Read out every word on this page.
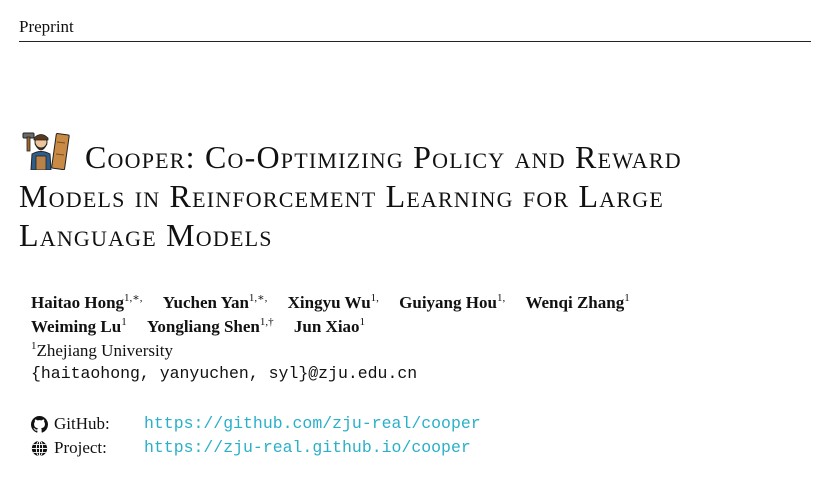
Preprint
Cooper: Co-Optimizing Policy and Reward
Models in Reinforcement Learning for Large
Language Models
Haitao Hong$^{1,∗,}$ Yuchen Yan$^{1,∗,}$ Xingyu $Wu^{1,}$ Guiyang Hou$^{1,}$ Wenqi Zhang$^1$
Weiming Lu$^1$ Yongliang Shen$^{1,\dagger}$ Jun Xiao$^1$
$^1$Zhejiang University
{haitaohong, yanyuchen, syl}@zju.edu.cn
GitHub:	https://github.com/zju-real/cooper
Project:	https://zju-real.github.io/cooper
